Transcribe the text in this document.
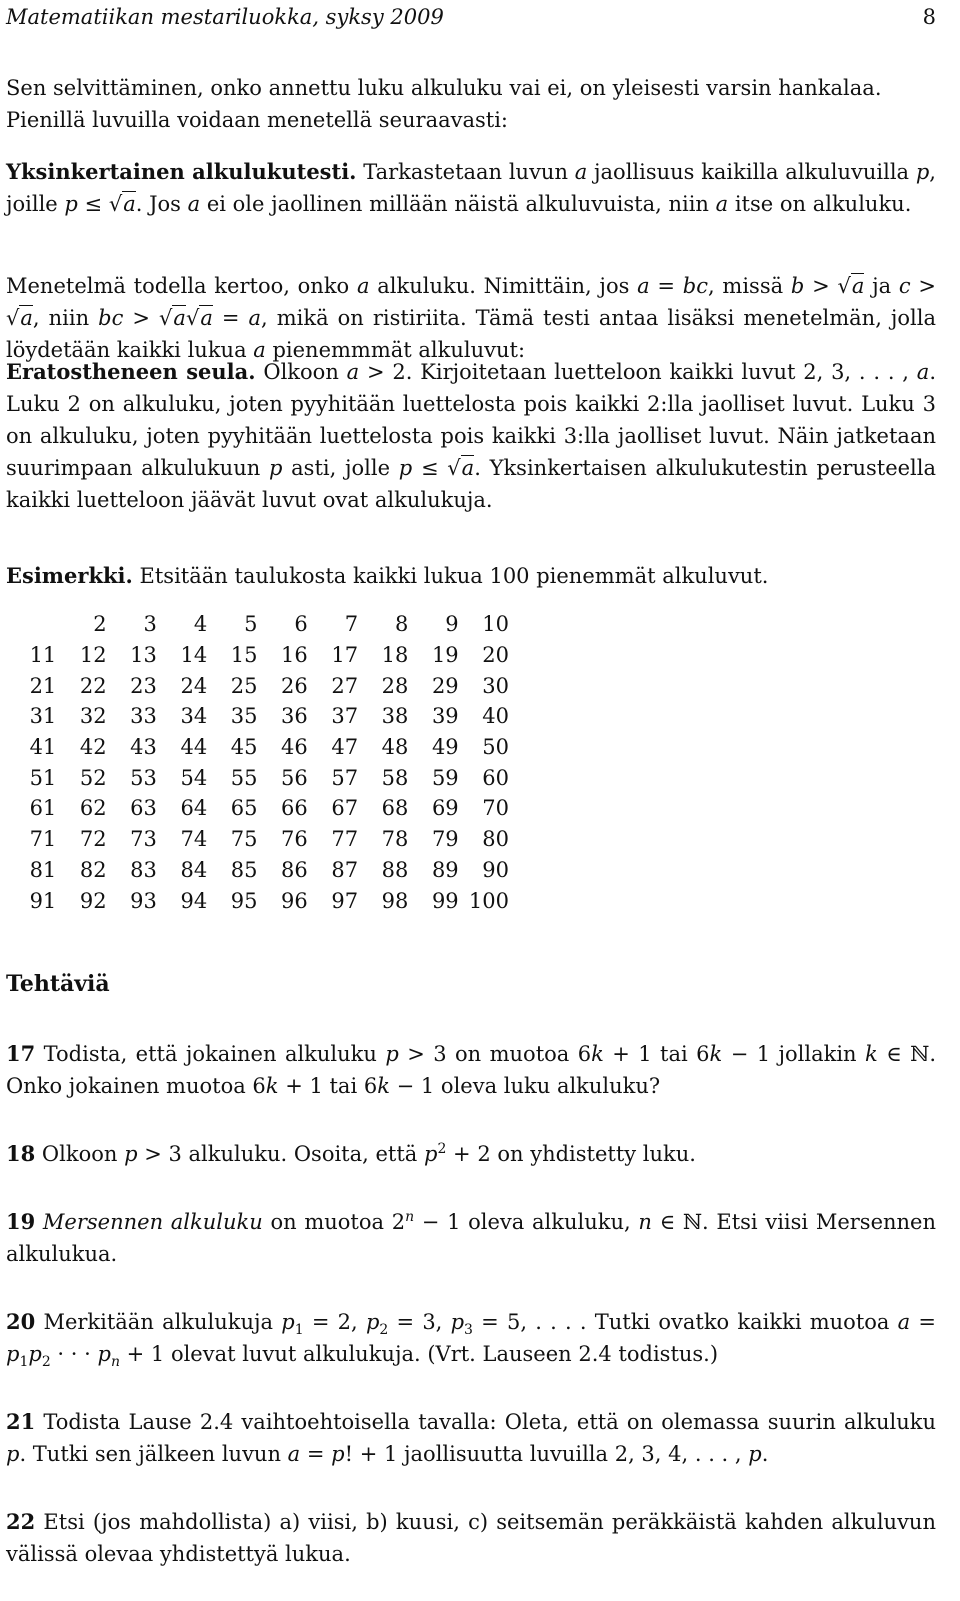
Matematiikan mestariluokka, syksy 2009	8
Sen selvittäminen, onko annettu luku alkuluku vai ei, on yleisesti varsin hankalaa.
Pienillä luvuilla voidaan menetellä seuraavasti:
Yksinkertainen alkulukutesti. Tarkastetaan luvun a jaollisuus kaikilla alkuluvuilla p, joille p ≤ √a. Jos a ei ole jaollinen millään näistä alkuluvuista, niin a itse on alkuluku.
Menetelmä todella kertoo, onko a alkuluku. Nimittäin, jos a = bc, missä b > √a ja c > √a, niin bc > √a√a = a, mikä on ristiriita. Tämä testi antaa lisäksi menetelmän, jolla löydetään kaikki lukua a pienemmmät alkuluvut:
Eratostheneen seula. Olkoon a > 2. Kirjoitetaan luetteloon kaikki luvut 2, 3, . . . , a. Luku 2 on alkuluku, joten pyyhitään luettelosta pois kaikki 2:lla jaolliset luvut. Luku 3 on alkuluku, joten pyyhitään luettelosta pois kaikki 3:lla jaolliset luvut. Näin jatketaan suurimpaan alkulukuun p asti, jolle p ≤ √a. Yksinkertaisen alkulukutestin perusteella kaikki luetteloon jäävät luvut ovat alkulukuja.
Esimerkki. Etsitään taulukosta kaikki lukua 100 pienemmät alkuluvut.
	2	3	4	5	6	7	8	9	10
11	12	13	14	15	16	17	18	19	20
21	22	23	24	25	26	27	28	29	30
31	32	33	34	35	36	37	38	39	40
41	42	43	44	45	46	47	48	49	50
51	52	53	54	55	56	57	58	59	60
61	62	63	64	65	66	67	68	69	70
71	72	73	74	75	76	77	78	79	80
81	82	83	84	85	86	87	88	89	90
91	92	93	94	95	96	97	98	99	100
Tehtäviä
17 Todista, että jokainen alkuluku p > 3 on muotoa 6k + 1 tai 6k − 1 jollakin k ∈ ℕ. Onko jokainen muotoa 6k + 1 tai 6k − 1 oleva luku alkuluku?
18 Olkoon p > 3 alkuluku. Osoita, että $p^2 + 2$ on yhdistetty luku.
19 Mersennen alkuluku on muotoa $2^n - 1$ oleva alkuluku, n ∈ ℕ. Etsi viisi Mersennen alkulukua.
20 Merkitään alkulukuja $p_1 = 2$, $p_2 = 3$, $p_3 = 5$, . . . . Tutki ovatko kaikki muotoa $a = p_1p_2$ · · · $p_n + 1$ olevat luvut alkulukuja. (Vrt. Lauseen 2.4 todistus.)
21 Todista Lause 2.4 vaihtoehtoisella tavalla: Oleta, että on olemassa suurin alkuluku p. Tutki sen jälkeen luvun a = p! + 1 jaollisuutta luvuilla 2, 3, 4, . . . , p.
22 Etsi (jos mahdollista) a) viisi, b) kuusi, c) seitsemän peräkkäistä kahden alkuluvun välissä olevaa yhdistettyä lukua.
